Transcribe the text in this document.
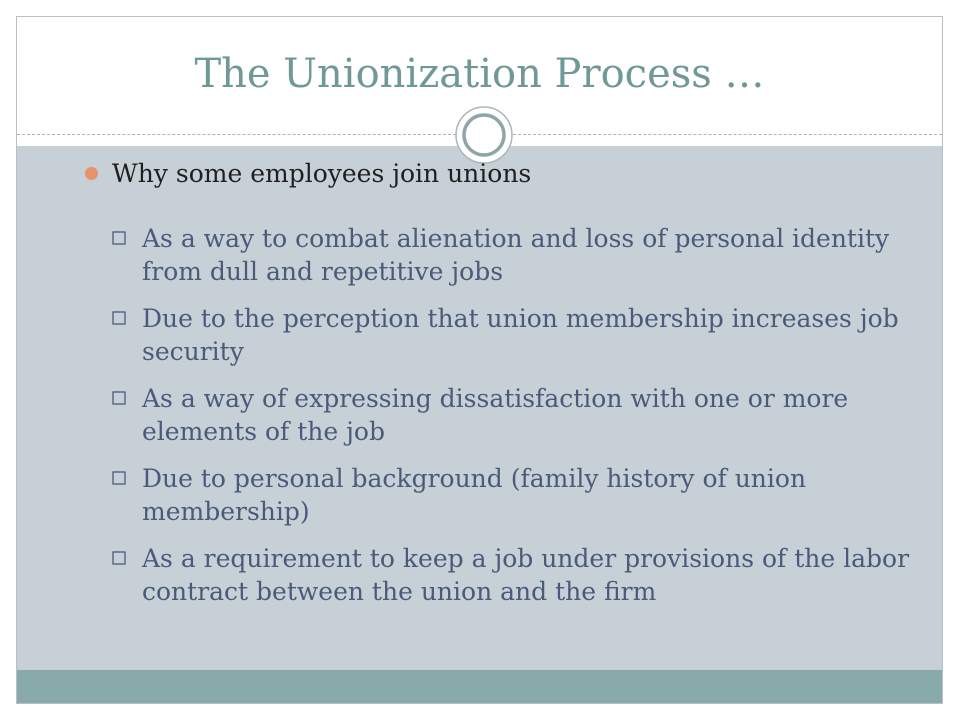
The Unionization Process …
Why some employees join unions
As a way to combat alienation and loss of personal identity from dull and repetitive jobs
Due to the perception that union membership increases job security
As a way of expressing dissatisfaction with one or more elements of the job
Due to personal background (family history of union membership)
As a requirement to keep a job under provisions of the labor contract between the union and the firm
